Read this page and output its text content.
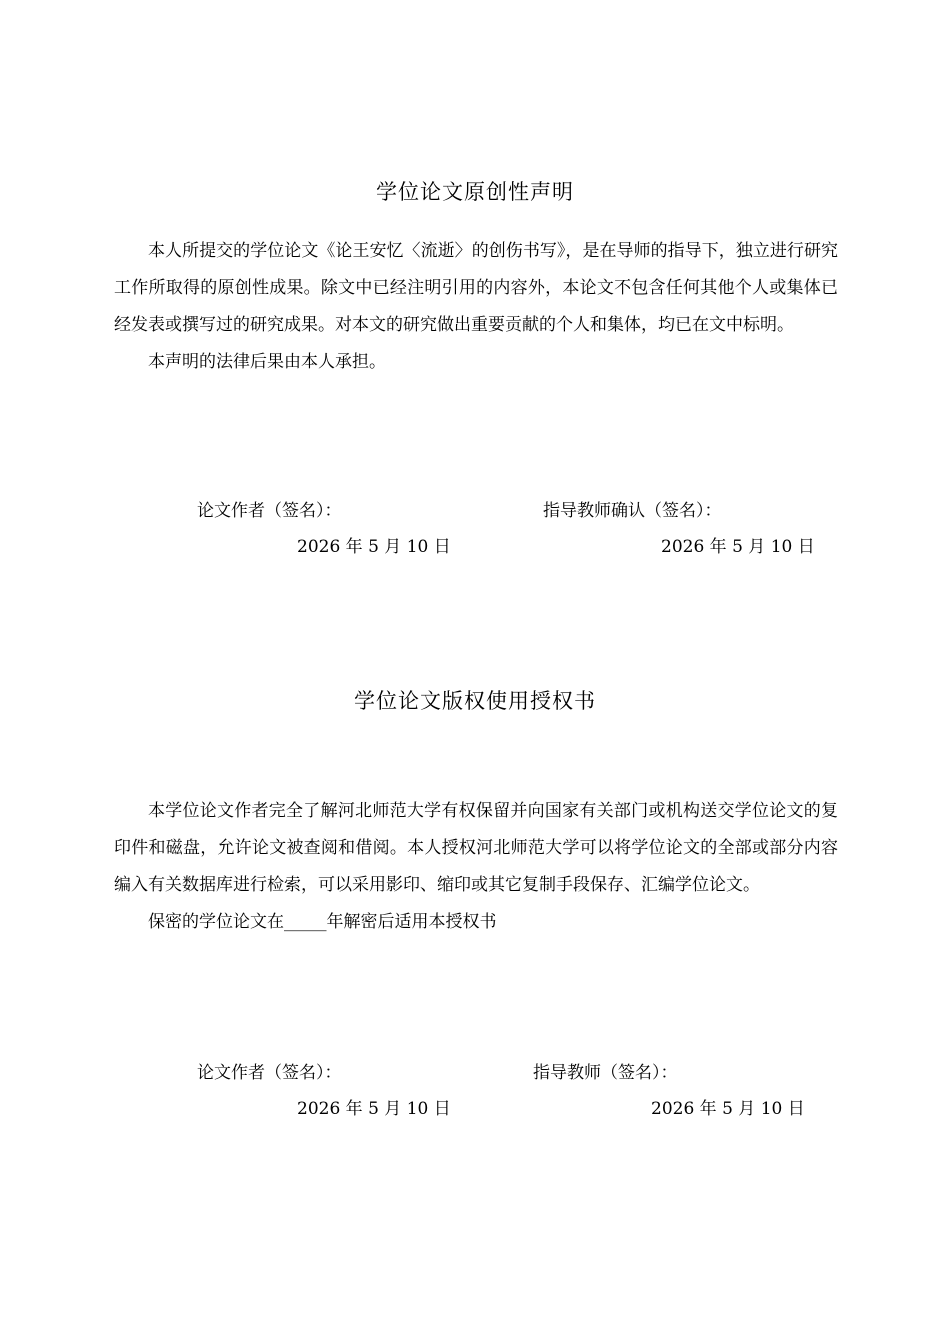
学位论文原创性声明

本人所提交的学位论文《论王安忆〈流逝〉的创伤书写》，是在导师的指导下，独立进行研究工作所取得的原创性成果。除文中已经注明引用的内容外，本论文不包含任何其他个人或集体已经发表或撰写过的研究成果。对本文的研究做出重要贡献的个人和集体，均已在文中标明。

本声明的法律后果由本人承担。

论文作者（签名）：	指导教师确认（签名）：
2026 年 5 月 10 日	2026 年 5 月 10 日
学位论文版权使用授权书

本学位论文作者完全了解河北师范大学有权保留并向国家有关部门或机构送交学位论文的复印件和磁盘，允许论文被查阅和借阅。本人授权河北师范大学可以将学位论文的全部或部分内容编入有关数据库进行检索，可以采用影印、缩印或其它复制手段保存、汇编学位论文。

保密的学位论文在_____年解密后适用本授权书

论文作者（签名）：	指导教师（签名）：
2026 年 5 月 10 日	2026 年 5 月 10 日
